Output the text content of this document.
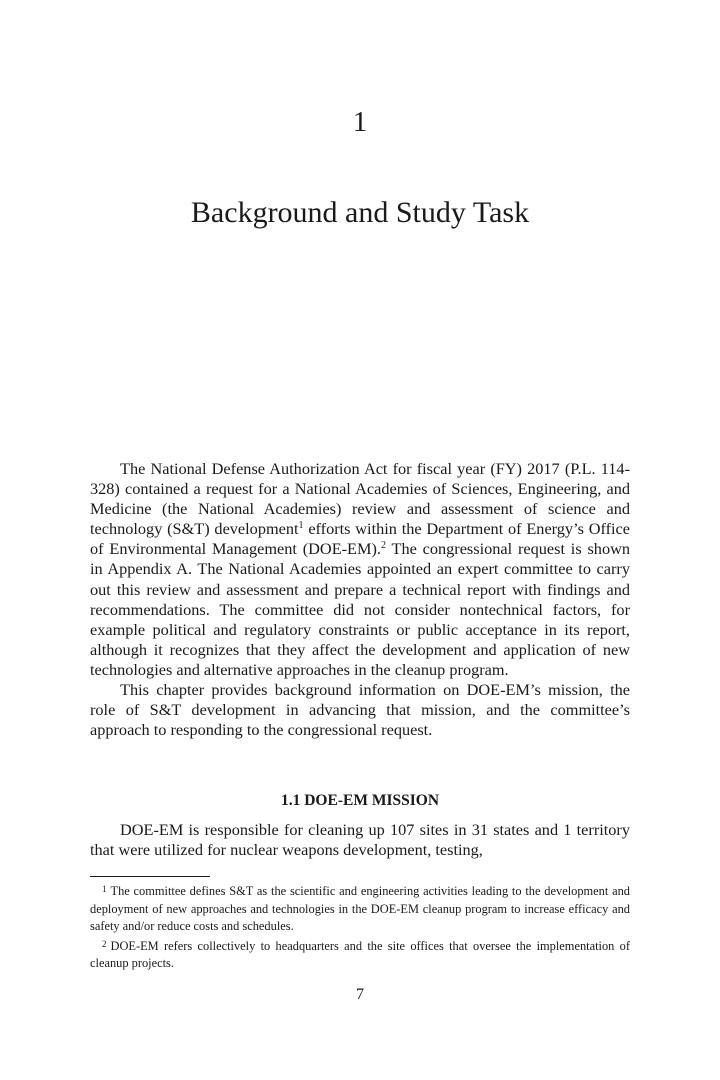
1
Background and Study Task

The National Defense Authorization Act for fiscal year (FY) 2017 (P.L. 114-328) contained a request for a National Academies of Sciences, Engineering, and Medicine (the National Academies) review and assessment of science and technology (S&T) development$^1$ efforts within the Department of Energy’s Office of Environmental Management (DOE-EM).$^2$ The congressional request is shown in Appendix A. The National Academies appointed an expert committee to carry out this review and assessment and prepare a technical report with findings and recommendations. The committee did not consider nontechnical factors, for example political and regulatory constraints or public acceptance in its report, although it recognizes that they affect the development and application of new technologies and alternative approaches in the cleanup program.

This chapter provides background information on DOE-EM’s mission, the role of S&T development in advancing that mission, and the committee’s approach to responding to the congressional request.

1.1 DOE-EM MISSION

DOE-EM is responsible for cleaning up 107 sites in 31 states and 1 territory that were utilized for nuclear weapons development, testing,

$^1$ The committee defines S&T as the scientific and engineering activities leading to the development and deployment of new approaches and technologies in the DOE-EM cleanup program to increase efficacy and safety and/or reduce costs and schedules.

$^2$ DOE-EM refers collectively to headquarters and the site offices that oversee the implementation of cleanup projects.

7
